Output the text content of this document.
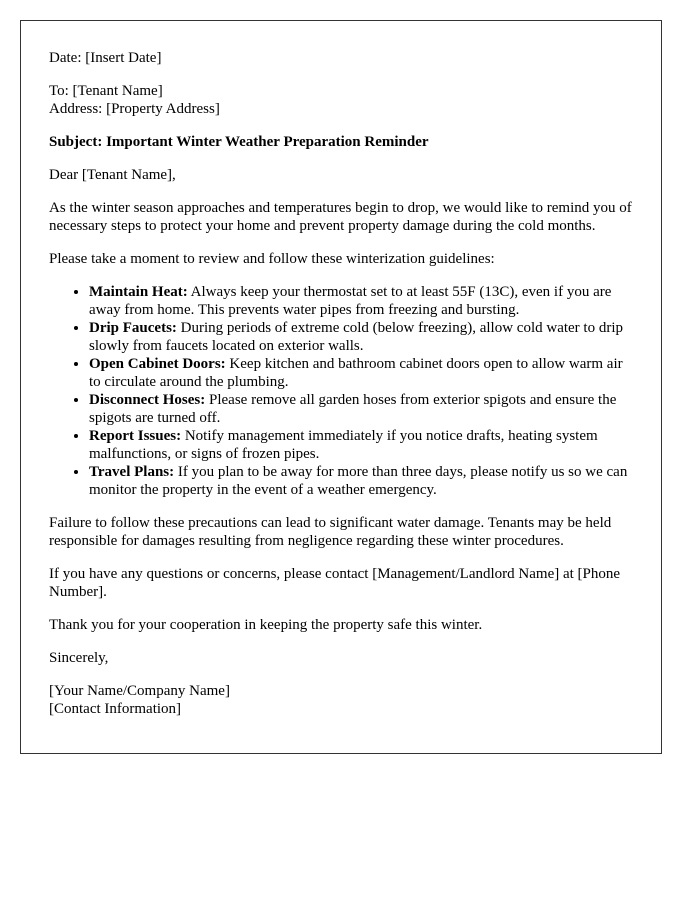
Date: [Insert Date]

To: [Tenant Name]
Address: [Property Address]

Subject: Important Winter Weather Preparation Reminder

Dear [Tenant Name],

As the winter season approaches and temperatures begin to drop, we would like to remind you of necessary steps to protect your home and prevent property damage during the cold months.

Please take a moment to review and follow these winterization guidelines:

• Maintain Heat: Always keep your thermostat set to at least 55F (13C), even if you are away from home. This prevents water pipes from freezing and bursting.
• Drip Faucets: During periods of extreme cold (below freezing), allow cold water to drip slowly from faucets located on exterior walls.
• Open Cabinet Doors: Keep kitchen and bathroom cabinet doors open to allow warm air to circulate around the plumbing.
• Disconnect Hoses: Please remove all garden hoses from exterior spigots and ensure the spigots are turned off.
• Report Issues: Notify management immediately if you notice drafts, heating system malfunctions, or signs of frozen pipes.
• Travel Plans: If you plan to be away for more than three days, please notify us so we can monitor the property in the event of a weather emergency.

Failure to follow these precautions can lead to significant water damage. Tenants may be held responsible for damages resulting from negligence regarding these winter procedures.

If you have any questions or concerns, please contact [Management/Landlord Name] at [Phone Number].

Thank you for your cooperation in keeping the property safe this winter.

Sincerely,

[Your Name/Company Name]
[Contact Information]
